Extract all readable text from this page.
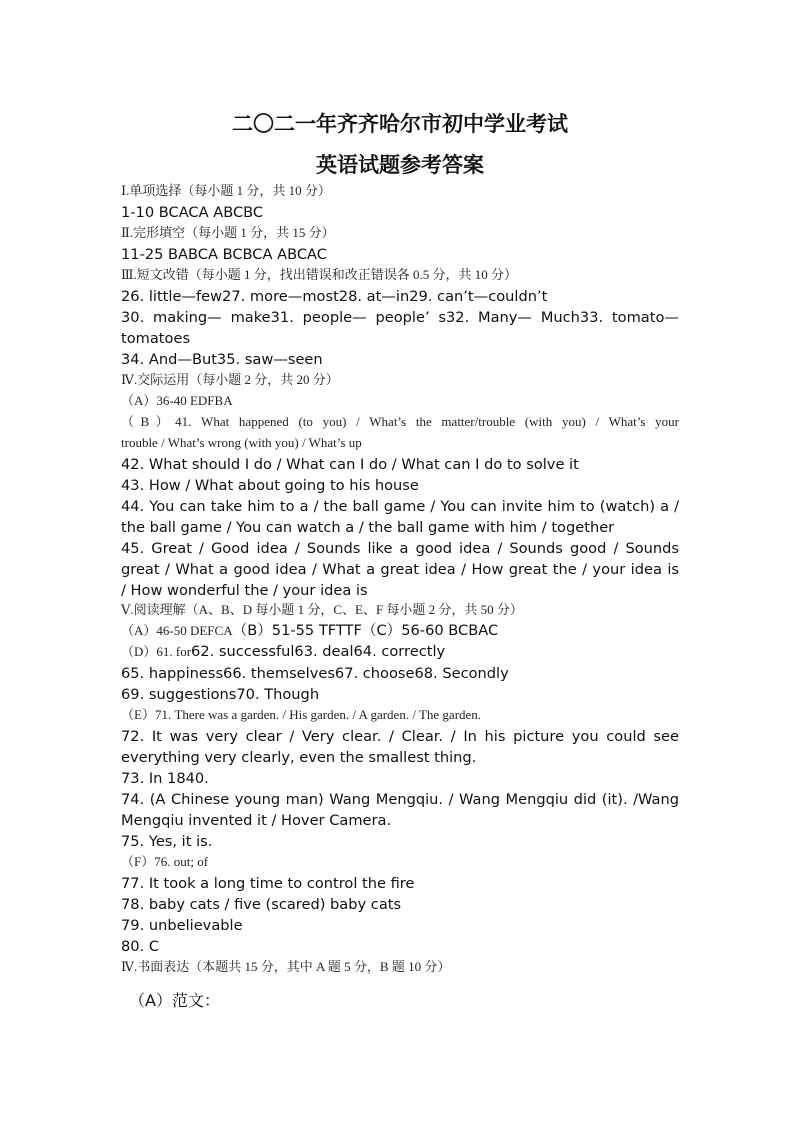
二〇二一年齐齐哈尔市初中学业考试
英语试题参考答案
Ⅰ.单项选择（每小题 1 分，共 10 分）
1-10 BCACA ABCBC
Ⅱ.完形填空（每小题 1 分，共 15 分）
11-25 BABCA BCBCA ABCAC
Ⅲ.短文改错（每小题 1 分，找出错误和改正错误各 0.5 分，共 10 分）
26. little—few27. more—most28. at—in29. can’t—couldn’t
30. making— make31. people— people’ s32. Many— Much33. tomato—
tomatoes
34. And—But35. saw—seen
Ⅳ.交际运用（每小题 2 分，共 20 分）
（A）36-40 EDFBA
（B）41. What happened (to you) / What’s the matter/trouble (with you) / What’s your
trouble / What’s wrong (with you) / What’s up
42. What should I do / What can I do / What can I do to solve it
43. How / What about going to his house
44. You can take him to a / the ball game / You can invite him to (watch) a /
the ball game / You can watch a / the ball game with him / together
45. Great / Good idea / Sounds like a good idea / Sounds good / Sounds
great / What a good idea / What a great idea / How great the / your idea is
/ How wonderful the / your idea is
Ⅴ.阅读理解（A、B、D 每小题 1 分，C、E、F 每小题 2 分，共 50 分）
（A）46-50 DEFCA（B）51-55 TFTTF（C）56-60 BCBAC
（D）61. for62. successful63. deal64. correctly
65. happiness66. themselves67. choose68. Secondly
69. suggestions70. Though
（E）71. There was a garden. / His garden. / A garden. / The garden.
72. It was very clear / Very clear. / Clear. / In his picture you could see
everything very clearly, even the smallest thing.
73. In 1840.
74. (A Chinese young man) Wang Mengqiu. / Wang Mengqiu did (it). /Wang
Mengqiu invented it / Hover Camera.
75. Yes, it is.
（F）76. out; of
77. It took a long time to control the fire
78. baby cats / five (scared) baby cats
79. unbelievable
80. C
Ⅳ.书面表达（本题共 15 分，其中 A 题 5 分，B 题 10 分）
（A）范文：
